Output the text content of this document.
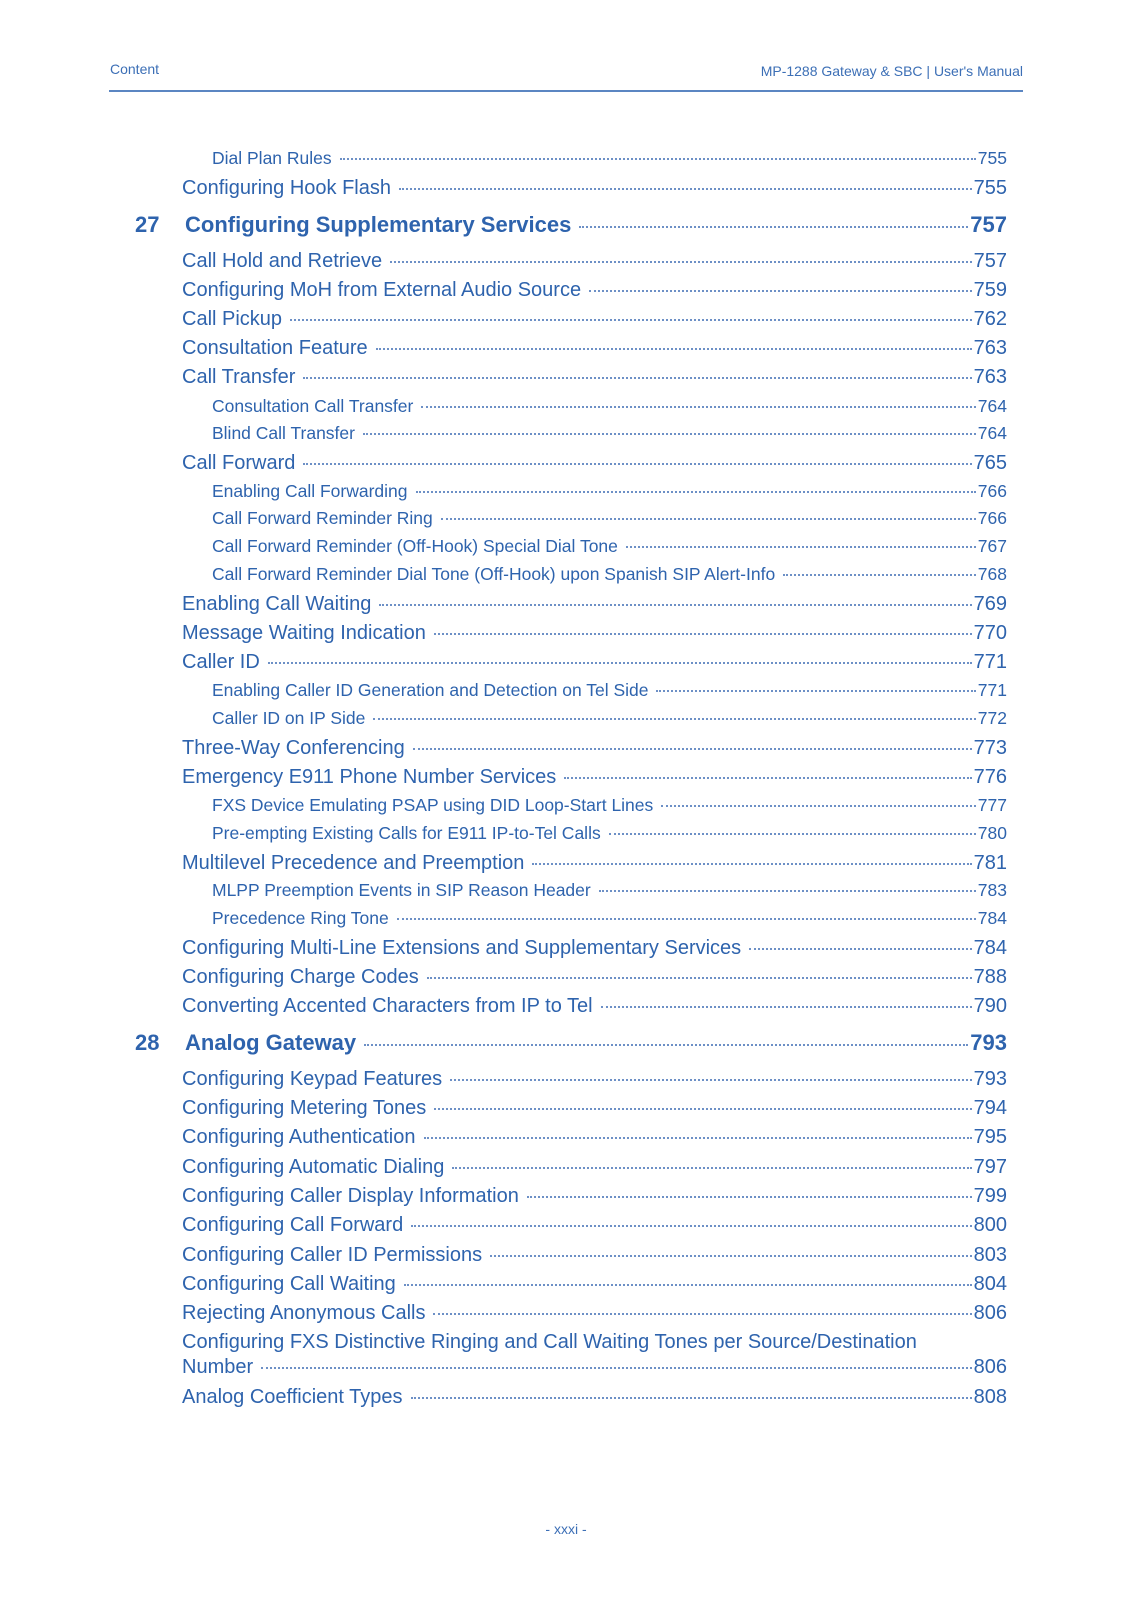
Content	MP-1288 Gateway & SBC | User's Manual
Dial Plan Rules	755
Configuring Hook Flash	755
27 Configuring Supplementary Services	757
Call Hold and Retrieve	757
Configuring MoH from External Audio Source	759
Call Pickup	762
Consultation Feature	763
Call Transfer	763
Consultation Call Transfer	764
Blind Call Transfer	764
Call Forward	765
Enabling Call Forwarding	766
Call Forward Reminder Ring	766
Call Forward Reminder (Off-Hook) Special Dial Tone	767
Call Forward Reminder Dial Tone (Off-Hook) upon Spanish SIP Alert-Info	768
Enabling Call Waiting	769
Message Waiting Indication	770
Caller ID	771
Enabling Caller ID Generation and Detection on Tel Side	771
Caller ID on IP Side	772
Three-Way Conferencing	773
Emergency E911 Phone Number Services	776
FXS Device Emulating PSAP using DID Loop-Start Lines	777
Pre-empting Existing Calls for E911 IP-to-Tel Calls	780
Multilevel Precedence and Preemption	781
MLPP Preemption Events in SIP Reason Header	783
Precedence Ring Tone	784
Configuring Multi-Line Extensions and Supplementary Services	784
Configuring Charge Codes	788
Converting Accented Characters from IP to Tel	790
28 Analog Gateway	793
Configuring Keypad Features	793
Configuring Metering Tones	794
Configuring Authentication	795
Configuring Automatic Dialing	797
Configuring Caller Display Information	799
Configuring Call Forward	800
Configuring Caller ID Permissions	803
Configuring Call Waiting	804
Rejecting Anonymous Calls	806
Configuring FXS Distinctive Ringing and Call Waiting Tones per Source/Destination
Number	806
Analog Coefficient Types	808
- xxxi -
